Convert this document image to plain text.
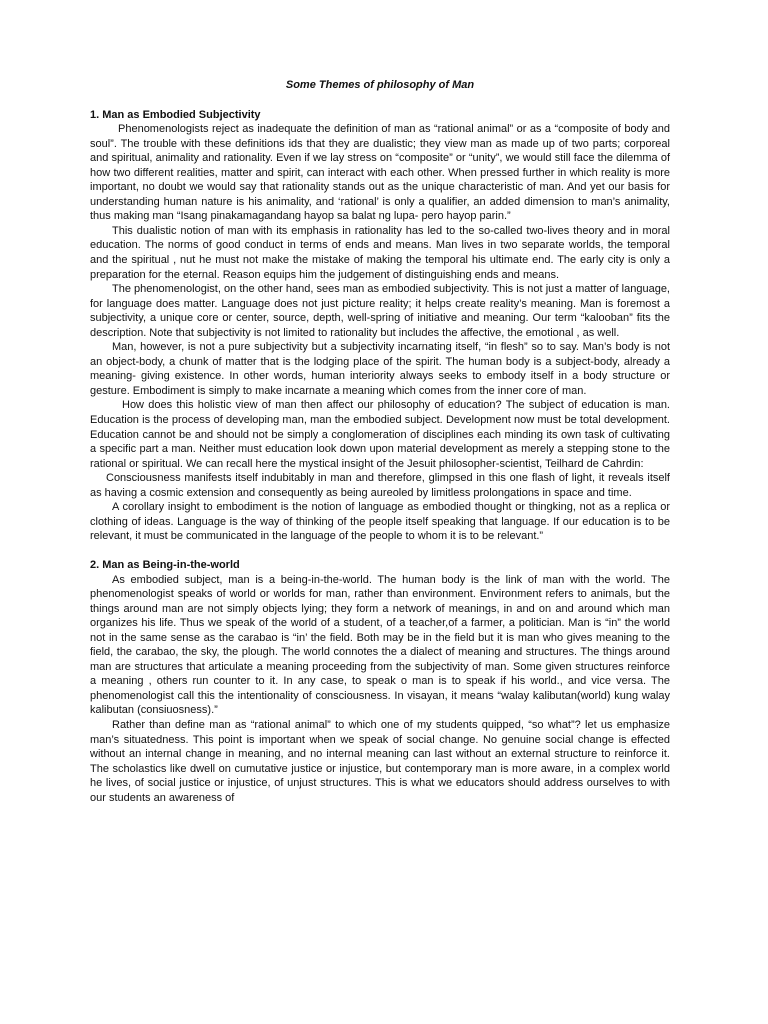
Some Themes of philosophy of Man

1. Man as Embodied Subjectivity

Phenomenologists reject as inadequate the definition of man as “rational animal” or as a “composite of body and soul”. The trouble with these definitions ids that they are dualistic; they view man as made up of two parts; corporeal and spiritual, animality and rationality. Even if we lay stress on “composite” or “unity”, we would still face the dilemma of how two different realities, matter and spirit, can interact with each other. When pressed further in which reality is more important, no doubt we would say that rationality stands out as the unique characteristic of man. And yet our basis for understanding human nature is his animality, and ‘rational’ is only a qualifier, an added dimension to man’s animality, thus making man “Isang pinakamagandang hayop sa balat ng lupa- pero hayop parin.”

This dualistic notion of man with its emphasis in rationality has led to the so-called two-lives theory and in moral education. The norms of good conduct in terms of ends and means. Man lives in two separate worlds, the temporal and the spiritual , nut he must not make the mistake of making the temporal his ultimate end. The early city is only a preparation for the eternal. Reason equips him the judgement of distinguishing ends and means.

The phenomenologist, on the other hand, sees man as embodied subjectivity. This is not just a matter of language, for language does matter. Language does not just picture reality; it helps create reality’s meaning. Man is foremost a subjectivity, a unique core or center, source, depth, well-spring of initiative and meaning. Our term “kalooban” fits the description. Note that subjectivity is not limited to rationality but includes the affective, the emotional , as well.

Man, however, is not a pure subjectivity but a subjectivity incarnating itself, “in flesh” so to say. Man’s body is not an object-body, a chunk of matter that is the lodging place of the spirit. The human body is a subject-body, already a meaning- giving existence. In other words, human interiority always seeks to embody itself in a body structure or gesture. Embodiment is simply to make incarnate a meaning which comes from the inner core of man.

How does this holistic view of man then affect our philosophy of education? The subject of education is man. Education is the process of developing man, man the embodied subject. Development now must be total development. Education cannot be and should not be simply a conglomeration of disciplines each minding its own task of cultivating a specific part a man. Neither must education look down upon material development as merely a stepping stone to the rational or spiritual. We can recall here the mystical insight of the Jesuit philosopher-scientist, Teilhard de Cahrdin:

Consciousness manifests itself indubitably in man and therefore, glimpsed in this one flash of light, it reveals itself as having a cosmic extension and consequently as being aureoled by limitless prolongations in space and time.

A corollary insight to embodiment is the notion of language as embodied thought or thingking, not as a replica or clothing of ideas. Language is the way of thinking of the people itself speaking that language. If our education is to be relevant, it must be communicated in the language of the people to whom it is to be relevant.”

2. Man as Being-in-the-world

As embodied subject, man is a being-in-the-world. The human body is the link of man with the world. The phenomenologist speaks of world or worlds for man, rather than environment. Environment refers to animals, but the things around man are not simply objects lying; they form a network of meanings, in and on and around which man organizes his life. Thus we speak of the world of a student, of a teacher,of a farmer, a politician. Man is “in” the world not in the same sense as the carabao is “in’ the field. Both may be in the field but it is man who gives meaning to the field, the carabao, the sky, the plough. The world connotes the a dialect of meaning and structures. The things around man are structures that articulate a meaning proceeding from the subjectivity of man. Some given structures reinforce a meaning , others run counter to it. In any case, to speak o man is to speak if his world., and vice versa. The phenomenologist call this the intentionality of consciousness. In visayan, it means “walay kalibutan(world) kung walay kalibutan (consiuosness).”

Rather than define man as “rational animal” to which one of my students quipped, “so what”? let us emphasize man’s situatedness. This point is important when we speak of social change. No genuine social change is effected without an internal change in meaning, and no internal meaning can last without an external structure to reinforce it. The scholastics like dwell on cumutative justice or injustice, but contemporary man is more aware, in a complex world he lives, of social justice or injustice, of unjust structures. This is what we educators should address ourselves to with our students an awareness of
